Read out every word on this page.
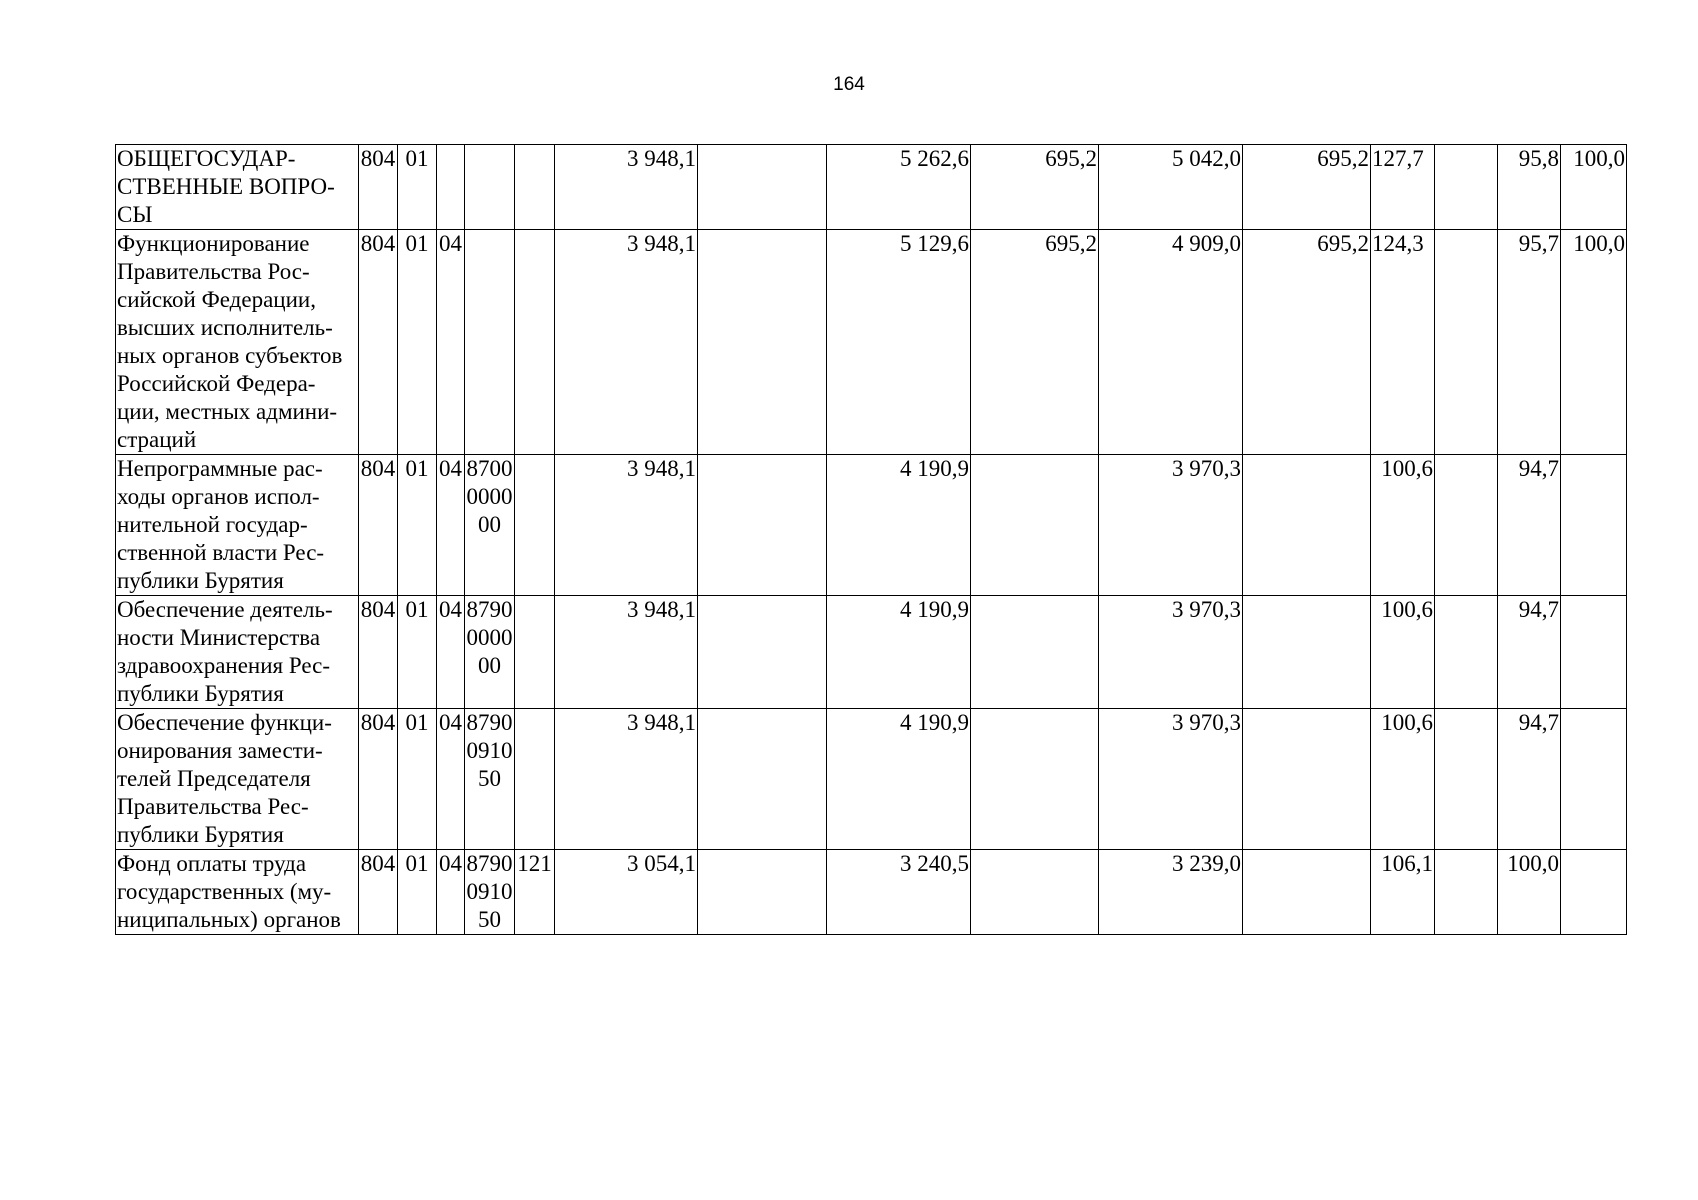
164
ОБЩЕГОСУДАР-СТВЕННЫЕ ВОПРО-СЫ	804	01				3 948,1		5 262,6	695,2	5 042,0	695,2	127,7		95,8	100,0
Функционирование Правительства Рос-сийской Федерации, высших исполнитель-ных органов субъектов Российской Федера-ции, местных админи-страций	804	01	04			3 948,1		5 129,6	695,2	4 909,0	695,2	124,3		95,7	100,0
Непрограммные рас-ходы органов испол-нительной государ-ственной власти Рес-публики Бурятия	804	01	04	8700000000		3 948,1		4 190,9		3 970,3		100,6		94,7	
Обеспечение деятель-ности Министерства здравоохранения Рес-публики Бурятия	804	01	04	8790000000		3 948,1		4 190,9		3 970,3		100,6		94,7	
Обеспечение функци-онирования замести-телей Председателя Правительства Рес-публики Бурятия	804	01	04	8790091050		3 948,1		4 190,9		3 970,3		100,6		94,7	
Фонд оплаты труда государственных (му-ниципальных) органов	804	01	04	8790091050	121	3 054,1		3 240,5		3 239,0		106,1		100,0	
